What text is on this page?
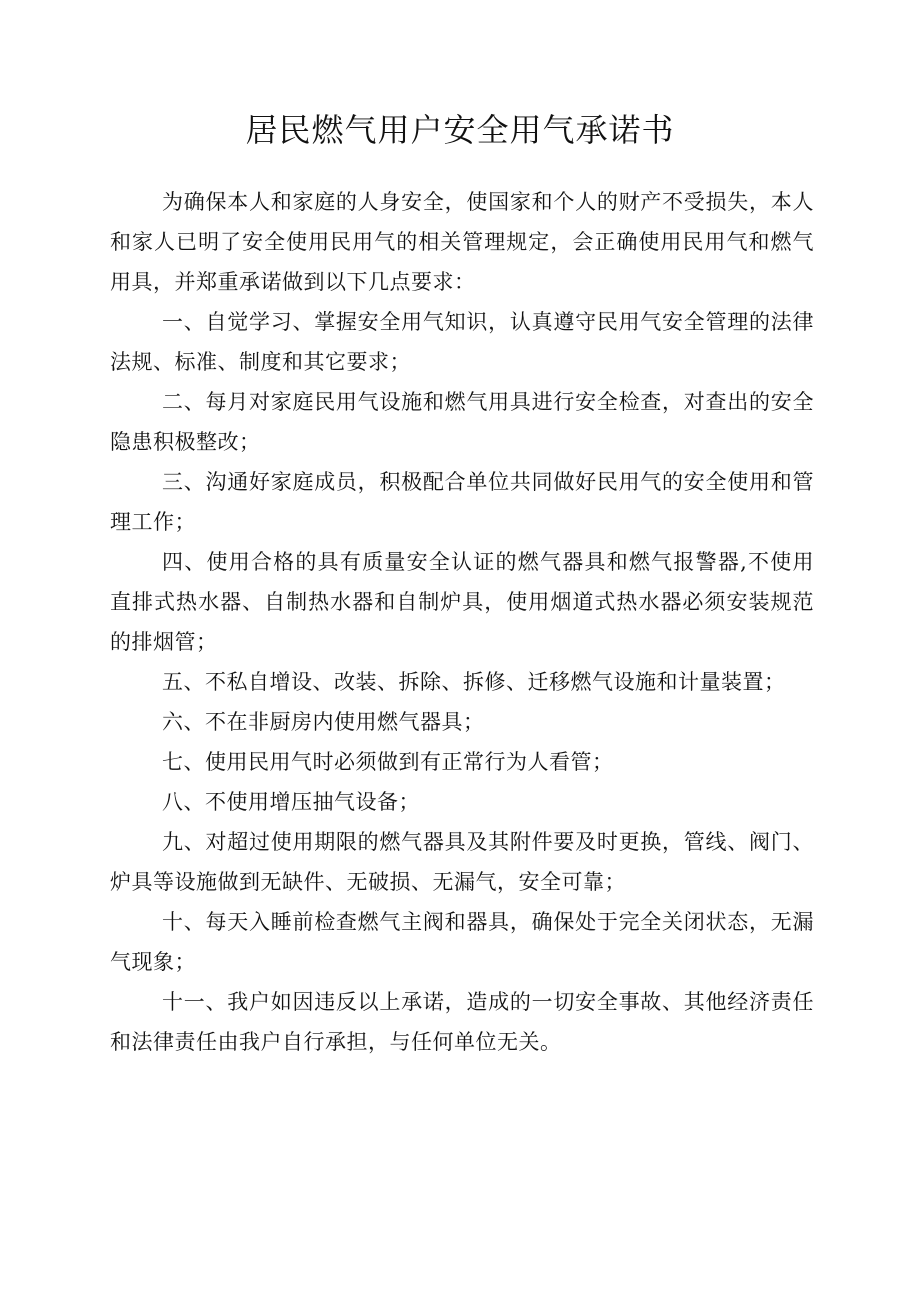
居民燃气用户安全用气承诺书

为确保本人和家庭的人身安全，使国家和个人的财产不受损失，本人和家人已明了安全使用民用气的相关管理规定，会正确使用民用气和燃气用具，并郑重承诺做到以下几点要求：

一、自觉学习、掌握安全用气知识，认真遵守民用气安全管理的法律法规、标准、制度和其它要求；

二、每月对家庭民用气设施和燃气用具进行安全检查，对查出的安全隐患积极整改；

三、沟通好家庭成员，积极配合单位共同做好民用气的安全使用和管理工作；

四、使用合格的具有质量安全认证的燃气器具和燃气报警器,不使用直排式热水器、自制热水器和自制炉具，使用烟道式热水器必须安装规范的排烟管；

五、不私自增设、改装、拆除、拆修、迁移燃气设施和计量装置；

六、不在非厨房内使用燃气器具；

七、使用民用气时必须做到有正常行为人看管；

八、不使用增压抽气设备；

九、对超过使用期限的燃气器具及其附件要及时更换，管线、阀门、炉具等设施做到无缺件、无破损、无漏气，安全可靠；

十、每天入睡前检查燃气主阀和器具，确保处于完全关闭状态，无漏气现象；

十一、我户如因违反以上承诺，造成的一切安全事故、其他经济责任和法律责任由我户自行承担，与任何单位无关。
